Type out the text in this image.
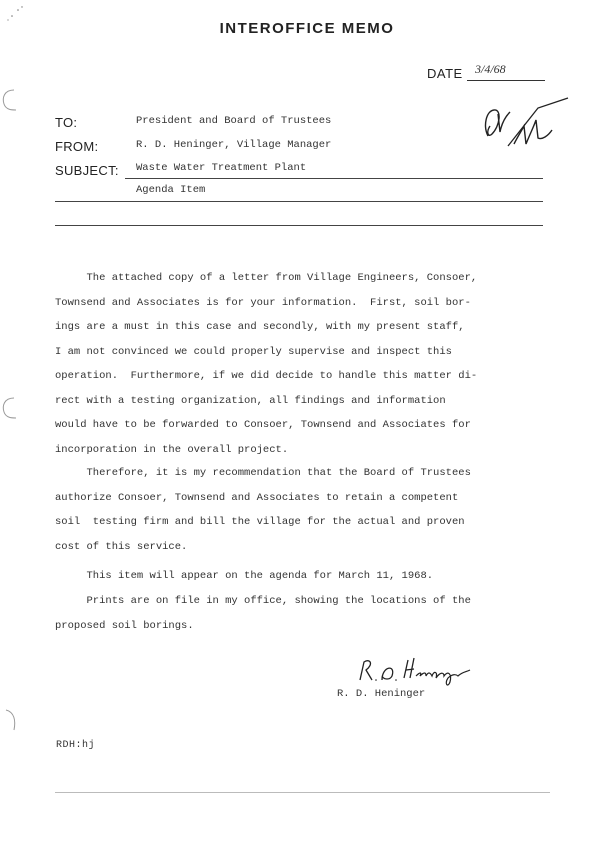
INTEROFFICE MEMO
DATE 3/4/68
TO:	President and Board of Trustees
FROM:	R. D. Heninger, Village Manager
SUBJECT: Waste Water Treatment Plant
Agenda Item
The attached copy of a letter from Village Engineers, Consoer,
Townsend and Associates is for your information.  First, soil bor-
ings are a must in this case and secondly, with my present staff,
I am not convinced we could properly supervise and inspect this
operation.  Furthermore, if we did decide to handle this matter di-
rect with a testing organization, all findings and information
would have to be forwarded to Consoer, Townsend and Associates for
incorporation in the overall project.
Therefore, it is my recommendation that the Board of Trustees
authorize Consoer, Townsend and Associates to retain a competent
soil  testing firm and bill the village for the actual and proven
cost of this service.
This item will appear on the agenda for March 11, 1968.
Prints are on file in my office, showing the locations of the
proposed soil borings.
R. D. Heninger
RDH:hj
